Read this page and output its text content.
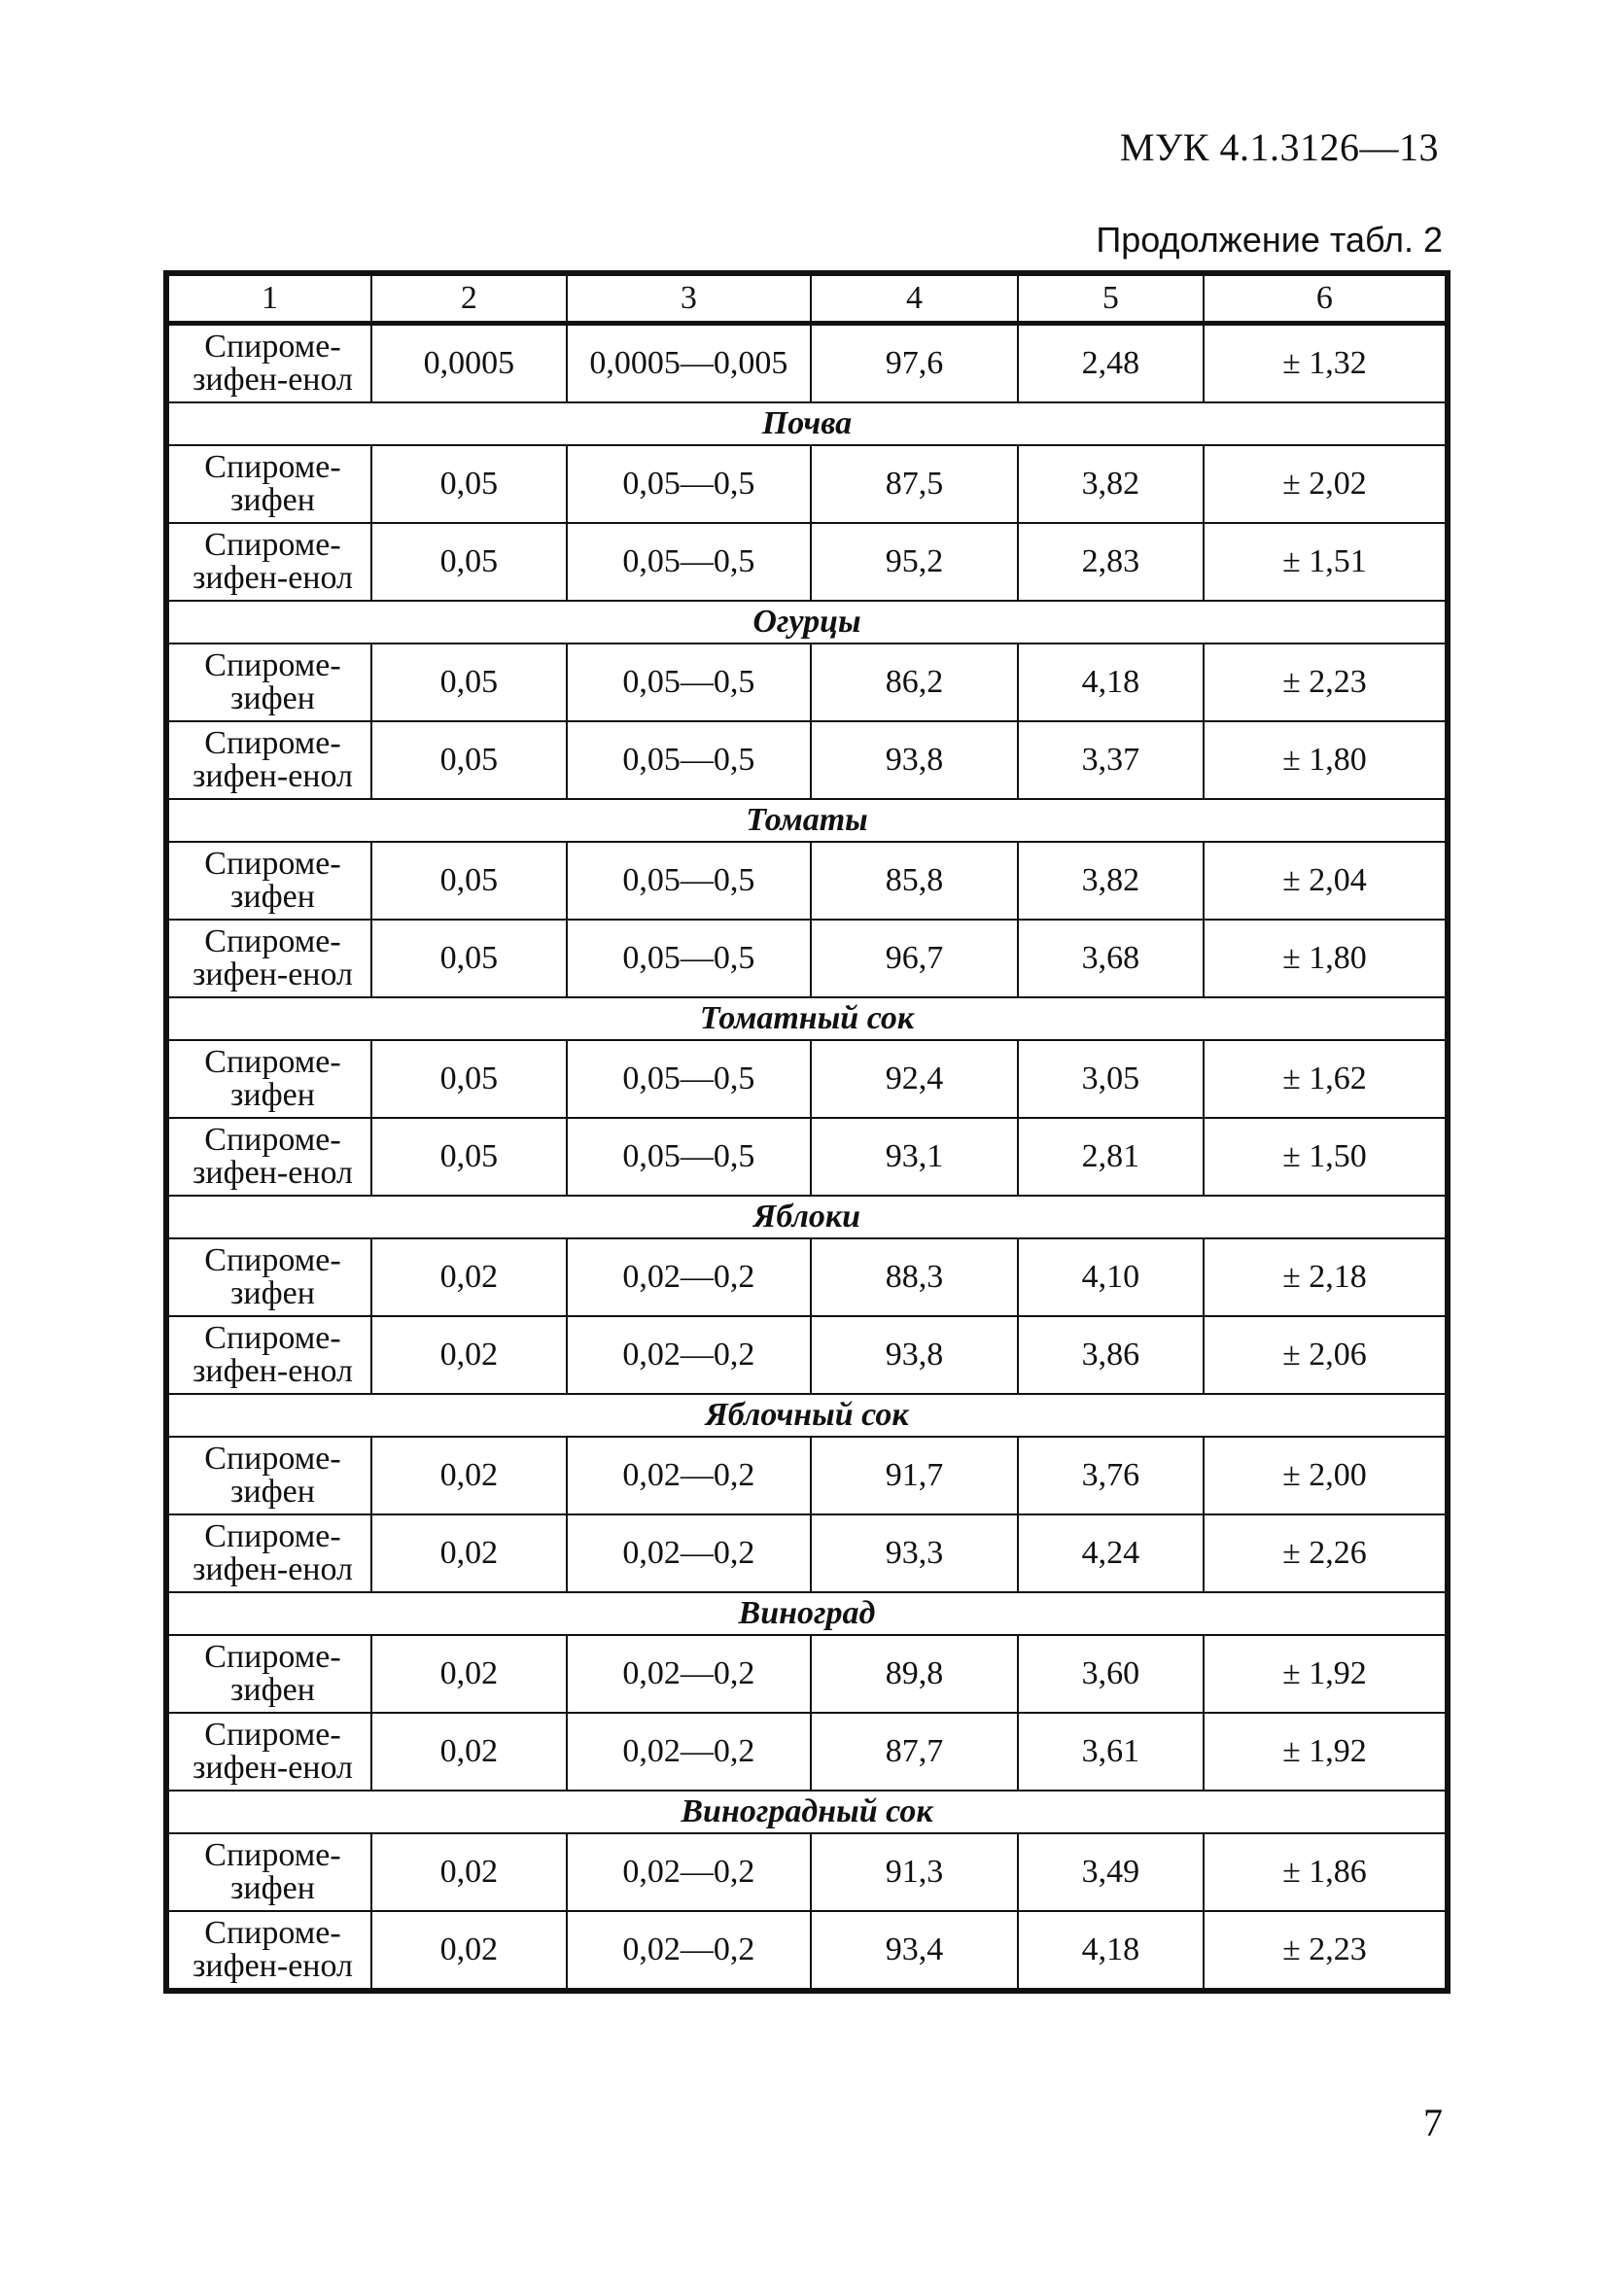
МУК 4.1.3126—13
Продолжение табл. 2
1	2	3	4	5	6

Спироме-
зифен-енол	0,0005	0,0005—0,005	97,6	2,48	± 1,32
Почва					

Спироме-
зифен	0,05	0,05—0,5	87,5	3,82	± 2,02

Спироме-
зифен-енол	0,05	0,05—0,5	95,2	2,83	± 1,51
Огурцы					

Спироме-
зифен	0,05	0,05—0,5	86,2	4,18	± 2,23

Спироме-
зифен-енол	0,05	0,05—0,5	93,8	3,37	± 1,80
Томаты					

Спироме-
зифен	0,05	0,05—0,5	85,8	3,82	± 2,04

Спироме-
зифен-енол	0,05	0,05—0,5	96,7	3,68	± 1,80
Томатный сок					

Спироме-
зифен	0,05	0,05—0,5	92,4	3,05	± 1,62

Спироме-
зифен-енол	0,05	0,05—0,5	93,1	2,81	± 1,50
Яблоки					

Спироме-
зифен	0,02	0,02—0,2	88,3	4,10	± 2,18

Спироме-
зифен-енол	0,02	0,02—0,2	93,8	3,86	± 2,06
Яблочный сок					

Спироме-
зифен	0,02	0,02—0,2	91,7	3,76	± 2,00

Спироме-
зифен-енол	0,02	0,02—0,2	93,3	4,24	± 2,26
Виноград					

Спироме-
зифен	0,02	0,02—0,2	89,8	3,60	± 1,92

Спироме-
зифен-енол	0,02	0,02—0,2	87,7	3,61	± 1,92
Виноградный сок					

Спироме-
зифен	0,02	0,02—0,2	91,3	3,49	± 1,86

Спироме-
зифен-енол	0,02	0,02—0,2	93,4	4,18	± 2,23
7
